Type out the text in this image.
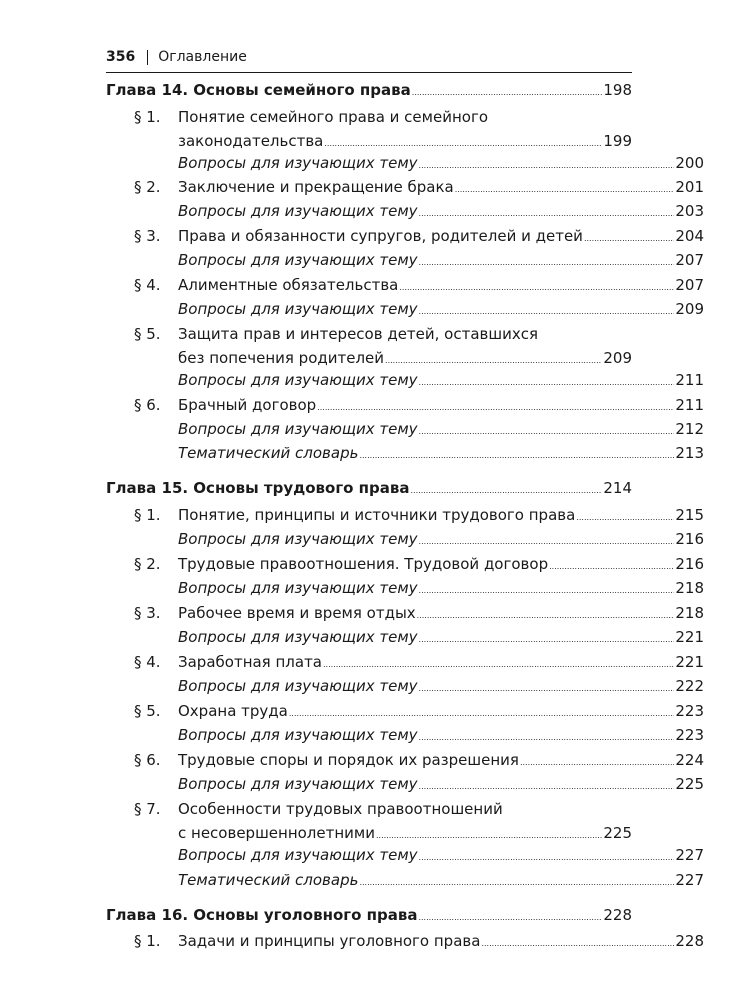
356 Оглавление
Глава 14. Основы семейного права .....	198
§ 1. Понятие семейного права и семейного
законодательства .....	199
Вопросы для изучающих тему .....	200
§ 2. Заключение и прекращение брака .....	201
Вопросы для изучающих тему .....	203
§ 3. Права и обязанности супругов, родителей и детей .....	204
Вопросы для изучающих тему .....	207
§ 4. Алиментные обязательства .....	207
Вопросы для изучающих тему .....	209
§ 5. Защита прав и интересов детей, оставшихся
без попечения родителей .....	209
Вопросы для изучающих тему .....	211
§ 6. Брачный договор .....	211
Вопросы для изучающих тему .....	212
Тематический словарь .....	213
Глава 15. Основы трудового права .....	214
§ 1. Понятие, принципы и источники трудового права .....	215
Вопросы для изучающих тему .....	216
§ 2. Трудовые правоотношения. Трудовой договор .....	216
Вопросы для изучающих тему .....	218
§ 3. Рабочее время и время отдых .....	218
Вопросы для изучающих тему .....	221
§ 4. Заработная плата .....	221
Вопросы для изучающих тему .....	222
§ 5. Охрана труда .....	223
Вопросы для изучающих тему .....	223
§ 6. Трудовые споры и порядок их разрешения .....	224
Вопросы для изучающих тему .....	225
§ 7. Особенности трудовых правоотношений
с несовершеннолетними .....	225
Вопросы для изучающих тему .....	227
Тематический словарь .....	227
Глава 16. Основы уголовного права .....	228
§ 1. Задачи и принципы уголовного права .....	228
